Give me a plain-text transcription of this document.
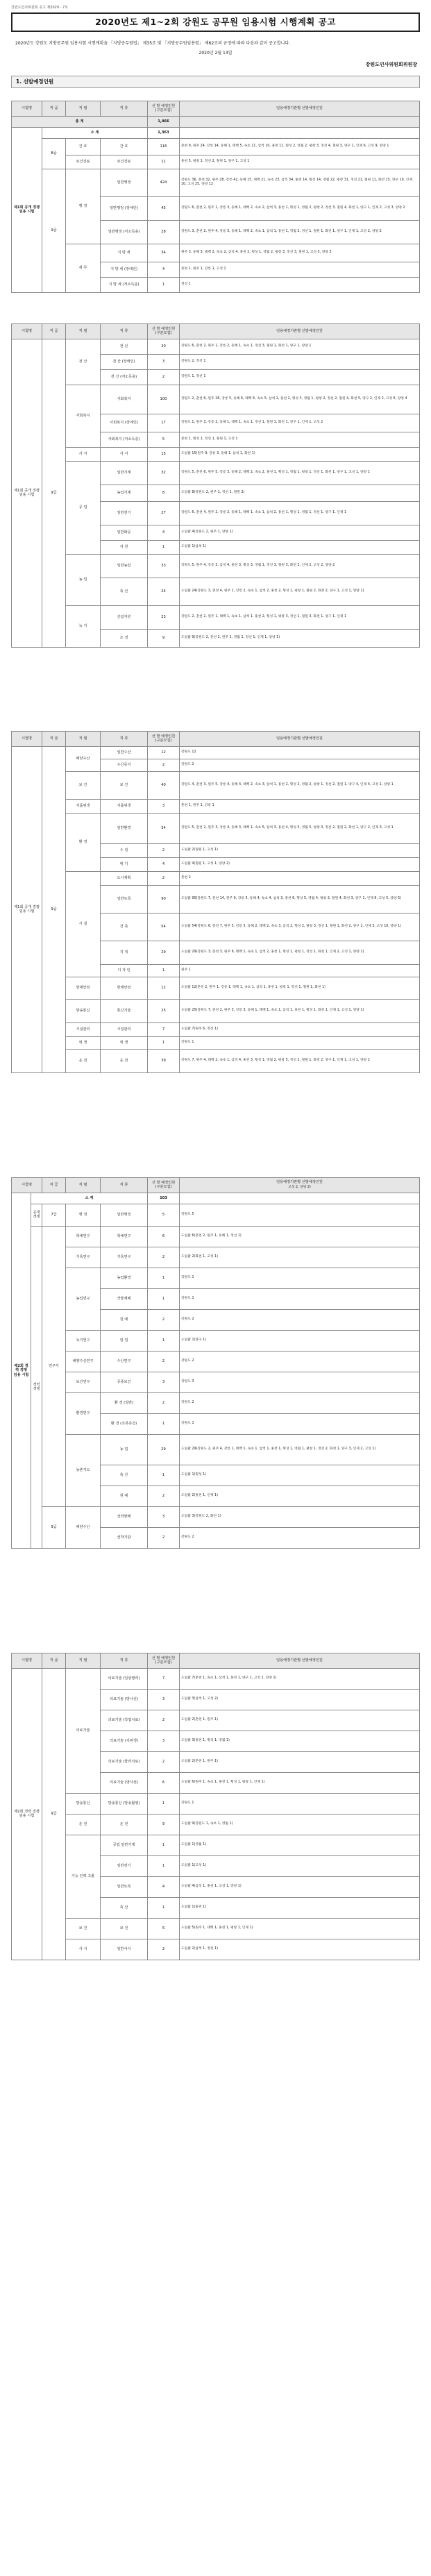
강원도인사위원회 공고 제2020 - 7호
2020년도 제1~2회 강원도 공무원 임용시험 시행계획 공고

2020년도 강원도 지방공무원 임용시험 시행계획을 「지방공무원법」 제35조 및 「지방공무원임용령」 제62조의 규정에 따라 다음과 같이 공고합니다.

2020년 2월 13일
강원도인사위원회위원장
1. 선발예정인원
시험명	직 급	직 렬	직 류	선 발 예정인원
(구분모집)	임용예정기관별 선발예정인원
총 계				1,466	
제1회 공개 경쟁 임용 시험	소 계			1,363	
	8급	간 호	간 호	116	춘천 9, 원주 24, 강릉 14, 동해 1, 태백 5, 속초 11, 삼척 10, 홍천 11, 횡성 2, 영월 2, 평창 3, 정선 4, 철원 3, 양구 1, 인제 6, 고성 9, 양양 1
		보건진료	보건진료	11	홍천 5, 평창 1, 정선 2, 철원 1, 양구 1, 고성 1
	9급	행 정	일반행정	424	강원도 36, 춘천 32, 원주 28, 강릉 42, 동해 15, 태백 21, 속초 23, 삼척 34, 홍천 14, 횡성 14, 영월 22, 평창 31, 정선 21, 철원 11, 화천 15, 양구 19, 인제 10, 고성 25, 양양 12
			일반행정 (장애인)	45	강원도 6, 춘천 2, 원주 1, 강릉 3, 동해 1, 태백 2, 속초 2, 삼척 3, 홍천 1, 횡성 1, 영월 2, 평창 2, 정선 3, 철원 4, 화천 1, 양구 1, 인제 2, 고성 3, 양양 2
			일반행정 (저소득층)	28	강원도 3, 춘천 2, 원주 4, 강릉 3, 동해 1, 태백 2, 속초 1, 삼척 1, 홍천 1, 영월 2, 정선 1, 철원 1, 화천 1, 양구 1, 인제 1, 고성 2, 양양 2
		세 무	지 방 세	34	원주 3, 동해 3, 태백 2, 속초 2, 삼척 4, 홍천 2, 횡성 1, 영월 2, 평창 3, 정선 3, 철원 1, 고성 5, 양양 3
			지 방 세 (장애인)	4	춘천 1, 원주 1, 강릉 1, 고성 1
			지 방 세 (저소득층)	1	정선 1
시험명	직 급	직 렬	직 류	선 발 예정인원
(구분모집)	임용예정기관별 선발예정인원
제1회 공개 경쟁 임용 시험	9급	전 산	전 산	20	강원도 6, 춘천 2, 원주 1, 강릉 2, 동해 1, 속초 1, 정선 3, 철원 1, 화천 1, 양구 1, 양양 1
			전 산 (장애인)	3	강원도 2, 정선 1
			전 산 (저소득층)	2	강원도 1, 정선 1
		사회복지	사회복지	100	강원도 2, 춘천 6, 원주 28, 강릉 5, 동해 6, 태백 6, 속초 5, 삼척 2, 홍천 2, 횡성 3, 영월 1, 평창 2, 정선 2, 철원 4, 화천 5, 양구 2, 인제 2, 고성 6, 양양 4
			사회복지 (장애인)	17	강원도 1, 원주 3, 강릉 2, 동해 1, 태백 1, 속초 1, 정선 1, 철원 1, 화천 1, 양구 1, 인제 1, 고성 2
			사회복지 (저소득층)	5	춘천 1, 횡성 1, 정선 1, 철원 1, 고성 1
		사 서	사 서	15	도일괄 15(원주 9, 강릉 3, 동해 1, 삼척 1, 화천 1)
		공 업	일반기계	32	강원도 5, 춘천 6, 원주 5, 강릉 3, 동해 2, 태백 2, 속초 2, 홍천 1, 횡성 1, 영월 1, 평창 1, 정선 1, 화천 1, 양구 1, 고성 1, 양양 1
			농업기계	8	도일괄 8(강원도 2, 원주 1, 정선 1, 철원 2)
			일반전기	27	강원도 6, 춘천 4, 원주 2, 강릉 2, 동해 1, 태백 1, 속초 1, 삼척 2, 홍천 1, 횡성 1, 영월 1, 정선 1, 양구 1, 인제 1
			일반화공	4	도일괄 4(강원도 2, 원주 1, 양양 1)
			자 원	1	도일괄 1(삼척 1)
		농 업	일반농업	33	강원도 5, 원주 4, 강릉 3, 삼척 4, 홍천 3, 횡성 3, 영월 1, 정선 3, 철원 3, 화천 2, 인제 2, 고성 2, 양양 2
			축 산	24	도일괄 24(강원도 3, 춘천 4, 원주 1, 강릉 2, 속초 1, 삼척 2, 홍천 2, 횡성 1, 평창 1, 철원 2, 화천 2, 양구 1, 고성 1, 양양 1)
		녹 지	산림자원	23	강원도 2, 춘천 2, 원주 1, 태백 1, 속초 1, 삼척 1, 홍천 2, 횡성 1, 평창 3, 정선 1, 철원 3, 화천 1, 양구 1, 인제 1
			조 경	9	도일괄 9(강원도 2, 춘천 2, 원주 1, 영월 1, 정선 1, 인제 1, 양양 1)
시험명	직 급	직 렬	직 류	선 발 예정인원
(구분모집)	임용예정기관별 선발예정인원
제1회 공개 경쟁 임용 시험	9급	해양수산	일반수산	12	강원도 12
			수산증식	2	강원도 2
		보 건	보 건	40	강원도 4, 춘천 3, 원주 5, 강릉 4, 동해 4, 태백 2, 속초 3, 삼척 1, 홍천 2, 횡성 2, 영월 2, 평창 1, 정선 2, 철원 1, 양구 4, 인제 4, 고성 1, 양양 1
		식품위생	식품위생	3	춘천 1, 원주 1, 강릉 1
		환 경	일반환경	54	강원도 5, 춘천 2, 원주 3, 강릉 4, 동해 3, 태백 1, 속초 5, 삼척 3, 홍천 4, 횡성 5, 영월 5, 평창 3, 정선 2, 철원 2, 화천 1, 양구 2, 인제 3, 고성 1
			수 질	2	도일괄 2(철원 1, 고성 1)
			대 기	4	도일괄 4(철원 1, 고성 1, 양양 2)
		시 설	도시계획	2	춘천 2
			일반토목	90	도일괄 90(강원도 7, 춘천 14, 원주 9, 강릉 5, 동해 4, 속초 4, 삼척 3, 홍천 6, 횡성 5, 영월 4, 평창 2, 철원 4, 화천 3, 양구 1, 인제 9, 고성 5, 양양 5)
			건 축	54	도일괄 54(강원도 6, 춘천 7, 원주 5, 강릉 5, 동해 2, 태백 2, 속초 3, 삼척 2, 횡성 2, 평창 3, 정선 1, 철원 1, 화천 2, 양구 2, 인제 3, 고성 10, 양양 1)
			지 적	29	도일괄 29(강원도 3, 춘천 3, 원주 6, 태백 1, 속초 1, 삼척 2, 홍천 1, 횡성 1, 평창 1, 정선 1, 화천 1, 인제 2, 고성 1, 양양 1)
			디 자 인	1	원주 1
		방재안전	방재안전	12	도일괄 12(춘천 2, 원주 1, 강릉 1, 태백 1, 속초 1, 삼척 1, 홍천 1, 평창 1, 정선 1, 철원 1, 화천 1)
		방송통신	통신기술	25	도일괄 25(강원도 7, 춘천 2, 원주 3, 강릉 3, 동해 1, 태백 1, 속초 1, 삼척 1, 홍천 1, 횡성 1, 화천 1, 인제 1, 고성 1, 양양 1)
		시설관리	시설관리	7	도일괄 7(원주 6, 정선 1)
		위 생	위 생	1	강원도 1
		운 전	운 전	39	강원도 7, 원주 4, 태백 2, 속초 1, 삼척 4, 홍천 3, 횡성 1, 영월 2, 평창 5, 정선 2, 철원 1, 화천 2, 양구 1, 인제 1, 고성 1, 양양 2
시험명		직 급	직 렬	직 류	선 발 예정인원
(구분모집)	임용예정기관별 선발예정인원
고성 2, 양양 2)
제2회 경력 경쟁 임용 시험	소 계				103	
	공개경쟁	7급	행 정	일반행정	5	강원도 5
	경력경쟁	연구사	학예연구	학예연구	6	도일괄 6(춘천 2, 원주 1, 동해 1, 정선 1)
			기록연구	기록연구	2	도일괄 2(화천 1, 고성 1)
			농업연구	농업환경	1	강원도 1
				작물재배	1	강원도 1
				원 예	2	강원도 2
			녹지연구	임 업	1	도일괄 1(양구 1)
			해양수산연구	수산연구	2	강원도 2
			보건연구	공중보건	3	강원도 3
			환경연구	환 경 (일반)	2	강원도 2
				환 경 (조류증진)	1	강원도 1
			농촌지도	농 업	29	도일괄 29(강원도 2, 원주 4, 강릉 1, 태백 1, 속초 1, 삼척 1, 홍천 1, 횡성 1, 영월 1, 평창 1, 정선 2, 화천 1, 양구 3, 인제 2, 고성 1)
				축 산	1	도일괄 1(횡성 1)
				원 예	2	도일괄 2(홍천 1, 인제 1)
		9급	해양수산	선박항해	3	도일괄 3(강원도 2, 화천 1)
				선박기관	2	강원도 2
시험명	직 급	직 렬	직 류	선 발 예정인원
(구분모집)	임용예정기관별 선발예정인원
제2회 경력 경쟁 임용 시험	9급	의료기술	의료기술 (임상병리)	7	도일괄 7(춘천 1, 속초 1, 삼척 1, 홍천 1, 양구 1, 고성 1, 양양 1)
			의료기술 (방사선)	3	도일괄 3(삼척 1, 고성 2)
			의료기술 (작업치료)	2	도일괄 2(춘천 1, 원주 1)
			의료기술 (치위생)	3	도일괄 3(홍천 1, 횡성 1, 영월 1)
			의료기술 (물리치료)	2	도일괄 2(춘천 1, 원주 1)
			의료기술 (방사선)	6	도일괄 6(원주 1, 속초 1, 홍천 1, 횡성 1, 평창 1, 인제 1)
		방송통신	방송통신 (방송촬영)	1	강원도 1
		운 전	운 전	9	도일괄 9(강원도 1, 속초 1, 영월 1)
		기능 인력 고졸	공업 일반기계	1	도일괄 1(영월 1)
			일반전기	1	도일괄 1(고성 1)
			일반토목	4	도일괄 4(삼척 1, 홍천 1, 고성 1, 양양 1)
			축 산	1	도일괄 1(홍천 1)
		보 건	보 건	5	도일괄 5(원주 1, 태백 1, 홍천 1, 평창 1, 인제 1)
		사 서	일반사서	2	도일괄 2(삼척 1, 정선 1)
